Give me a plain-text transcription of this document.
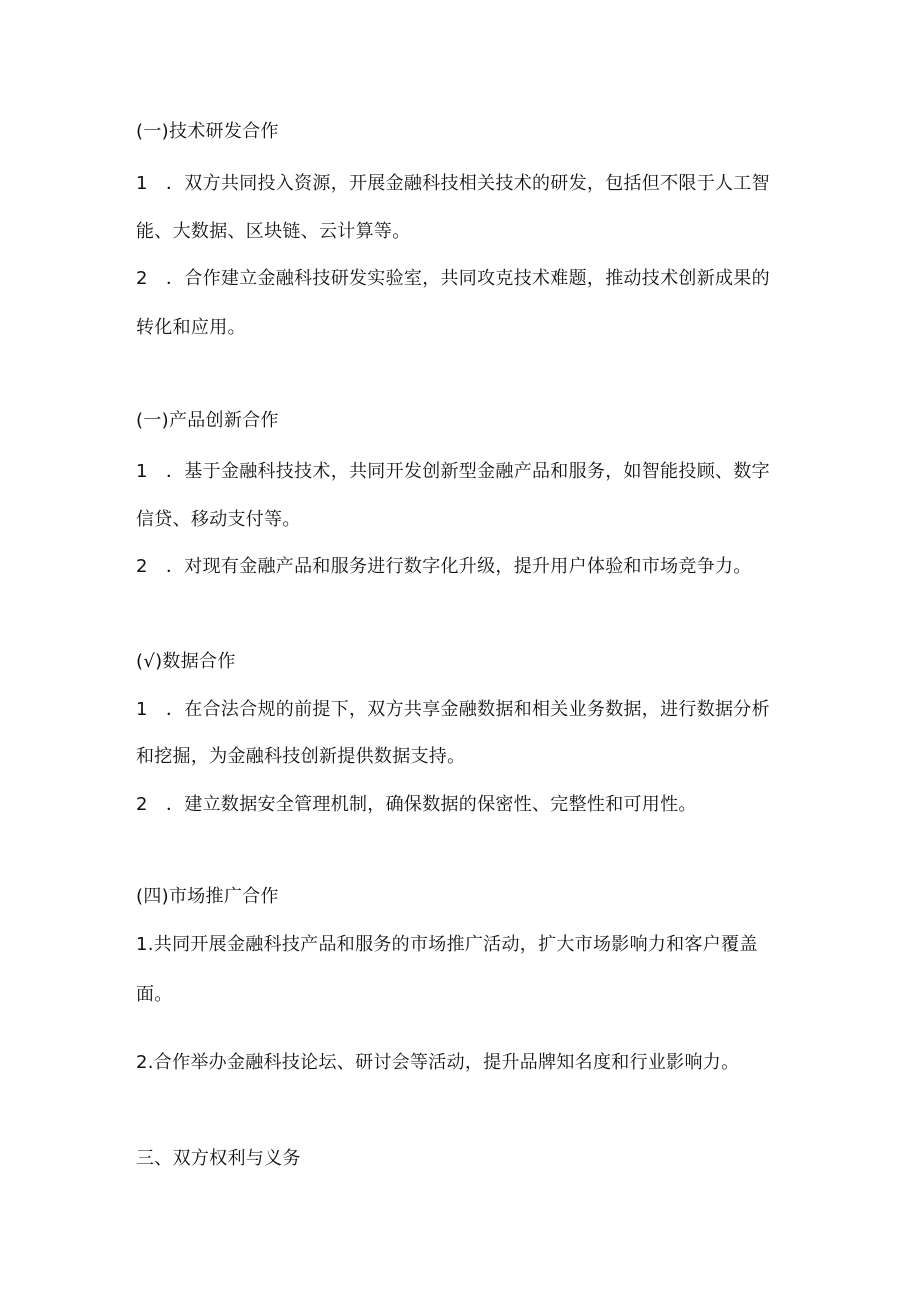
(一)技术研发合作
1 ．双方共同投入资源，开展金融科技相关技术的研发，包括但不限于人工智
能、大数据、区块链、云计算等。
2 ．合作建立金融科技研发实验室，共同攻克技术难题，推动技术创新成果的
转化和应用。
(一)产品创新合作
1 ．基于金融科技技术，共同开发创新型金融产品和服务，如智能投顾、数字
信贷、移动支付等。
2 ．对现有金融产品和服务进行数字化升级，提升用户体验和市场竞争力。
(√)数据合作
1 ．在合法合规的前提下，双方共享金融数据和相关业务数据，进行数据分析
和挖掘，为金融科技创新提供数据支持。
2 ．建立数据安全管理机制，确保数据的保密性、完整性和可用性。
(四)市场推广合作
1.共同开展金融科技产品和服务的市场推广活动，扩大市场影响力和客户覆盖
面。
2.合作举办金融科技论坛、研讨会等活动，提升品牌知名度和行业影响力。
三、双方权利与义务
